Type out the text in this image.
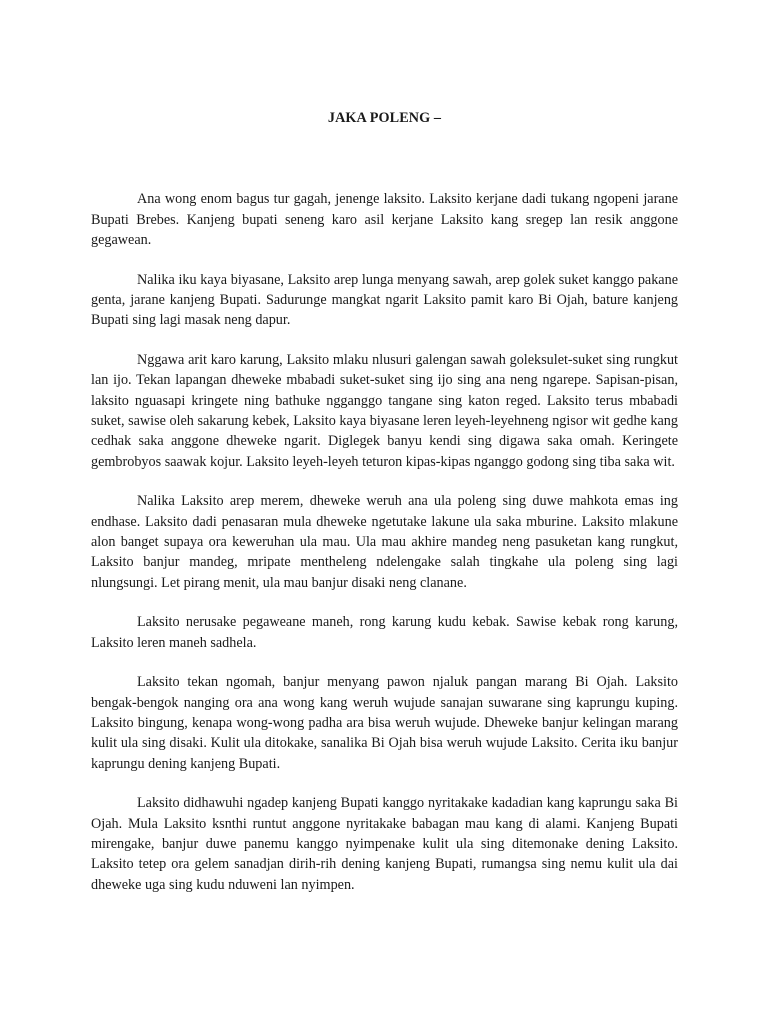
JAKA POLENG –

Ana wong enom bagus tur gagah, jenenge laksito. Laksito kerjane dadi tukang ngopeni jarane Bupati Brebes. Kanjeng bupati seneng karo asil kerjane Laksito kang sregep lan resik anggone gegawean.

Nalika iku kaya biyasane, Laksito arep lunga menyang sawah, arep golek suket kanggo pakane genta, jarane kanjeng Bupati. Sadurunge mangkat ngarit Laksito pamit karo Bi Ojah, bature kanjeng Bupati sing lagi masak neng dapur.

Nggawa arit karo karung, Laksito mlaku nlusuri galengan sawah goleksulet-suket sing rungkut lan ijo. Tekan lapangan dheweke mbabadi suket-suket sing ijo sing ana neng ngarepe. Sapisan-pisan, laksito nguasapi kringete ning bathuke ngganggo tangane sing katon reged. Laksito terus mbabadi suket, sawise oleh sakarung kebek, Laksito kaya biyasane leren leyeh-leyehneng ngisor wit gedhe kang cedhak saka anggone dheweke ngarit. Diglegek banyu kendi sing digawa saka omah. Keringete gembrobyos saawak kojur. Laksito leyeh-leyeh teturon kipas-kipas nganggo godong sing tiba saka wit.

Nalika Laksito arep merem, dheweke weruh ana ula poleng sing duwe mahkota emas ing endhase. Laksito dadi penasaran mula dheweke ngetutake lakune ula saka mburine. Laksito mlakune alon banget supaya ora keweruhan ula mau. Ula mau akhire mandeg neng pasuketan kang rungkut, Laksito banjur mandeg, mripate mentheleng ndelengake salah tingkahe ula poleng sing lagi nlungsungi. Let pirang menit, ula mau banjur disaki neng clanane.

Laksito nerusake pegaweane maneh, rong karung kudu kebak. Sawise kebak rong karung, Laksito leren maneh sadhela.

Laksito tekan ngomah, banjur menyang pawon njaluk pangan marang Bi Ojah. Laksito bengak-bengok nanging ora ana wong kang weruh wujude sanajan suwarane sing kaprungu kuping. Laksito bingung, kenapa wong-wong padha ara bisa weruh wujude. Dheweke banjur kelingan marang kulit ula sing disaki. Kulit ula ditokake, sanalika Bi Ojah bisa weruh wujude Laksito. Cerita iku banjur kaprungu dening kanjeng Bupati.

Laksito didhawuhi ngadep kanjeng Bupati kanggo nyritakake kadadian kang kaprungu saka Bi Ojah. Mula Laksito ksnthi runtut anggone nyritakake babagan mau kang di alami. Kanjeng Bupati mirengake, banjur duwe panemu kanggo nyimpenake kulit ula sing ditemonake dening Laksito. Laksito tetep ora gelem sanadjan dirih-rih dening kanjeng Bupati, rumangsa sing nemu kulit ula dai dheweke uga sing kudu nduweni lan nyimpen.
